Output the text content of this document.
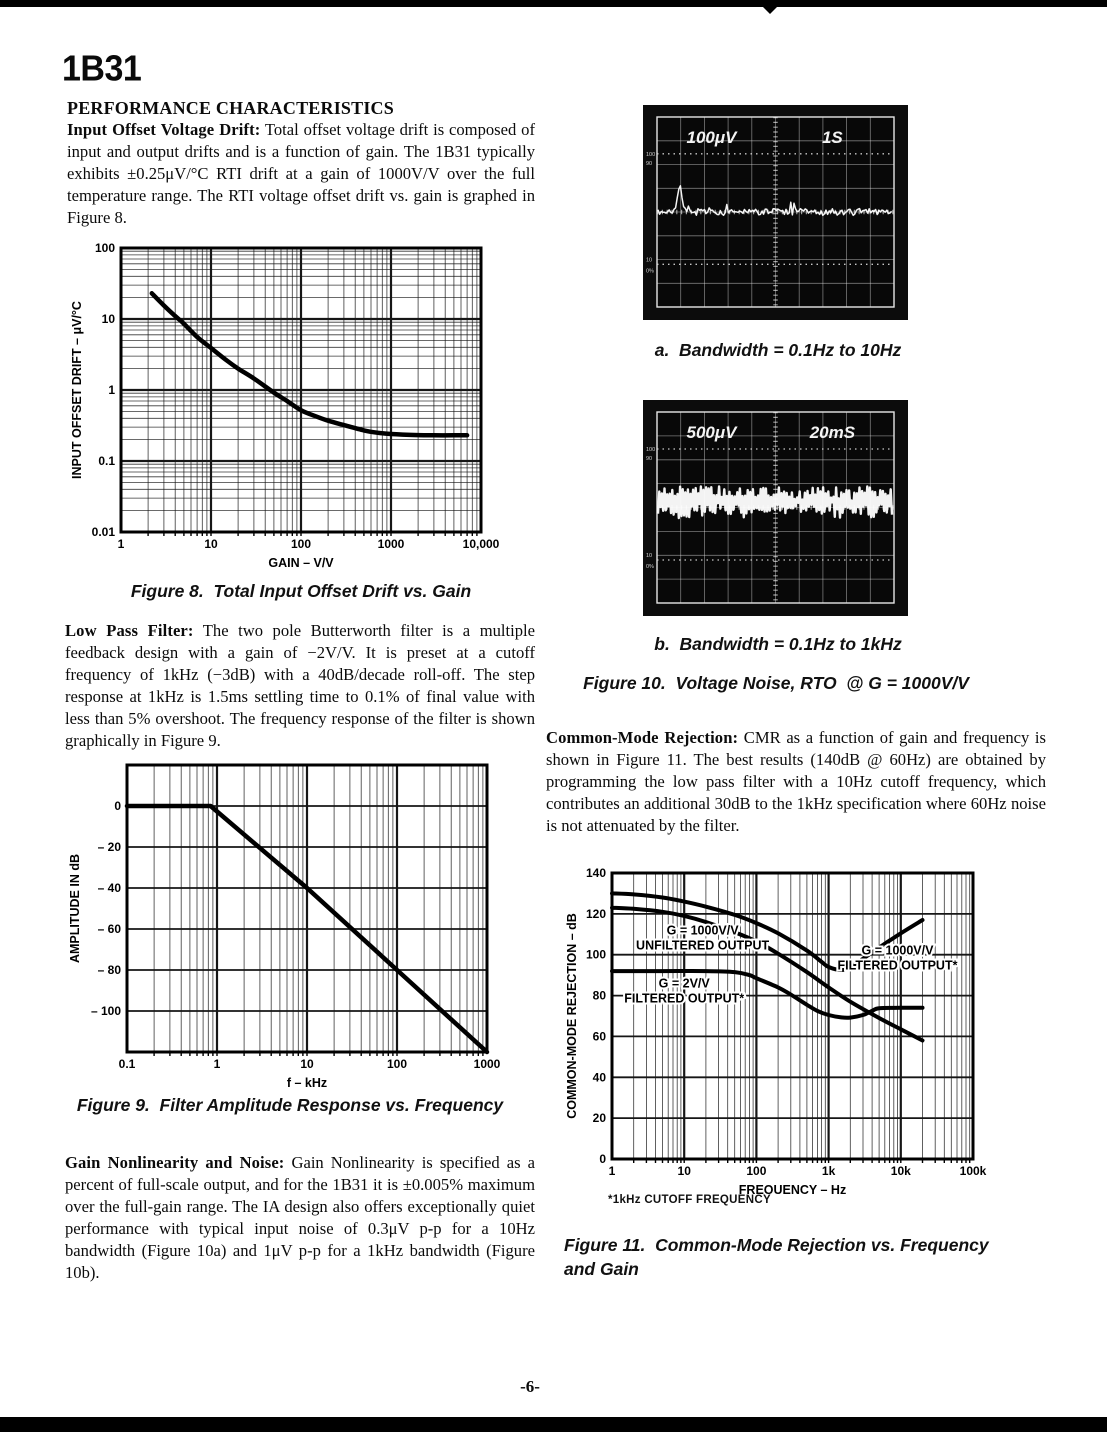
1B31
PERFORMANCE CHARACTERISTICS
Input Offset Voltage Drift: Total offset voltage drift is composed of input and output drifts and is a function of gain. The 1B31 typically exhibits ±0.25μV/°C RTI drift at a gain of 1000V/V over the full temperature range. The RTI voltage offset drift vs. gain is graphed in Figure 8.
1	10	100	1000	10,000
100
10
1
0.1
0.01
GAIN – V/V
INPUT OFFSET DRIFT – μV/°C
Figure 8.  Total Input Offset Drift vs. Gain
Low Pass Filter: The two pole Butterworth filter is a multiple feedback design with a gain of −2V/V. It is preset at a cutoff frequency of 1kHz (−3dB) with a 40dB/decade roll-off. The step response at 1kHz is 1.5ms settling time to 0.1% of final value with less than 5% overshoot. The frequency response of the filter is shown graphically in Figure 9.
0.1	1	10	100	1000
0
– 20
– 40
– 60
– 80
– 100
f – kHz
AMPLITUDE IN dB
Figure 9.  Filter Amplitude Response vs. Frequency
Gain Nonlinearity and Noise: Gain Nonlinearity is specified as a percent of full-scale output, and for the 1B31 it is ±0.005% maximum over the full-gain range. The IA design also offers exceptionally quiet performance with typical input noise of 0.3μV p-p for a 10Hz bandwidth (Figure 10a) and 1μV p-p for a 1kHz bandwidth (Figure 10b).
100
90
10
0%
100μV	1S
a.  Bandwidth = 0.1Hz to 10Hz
100
90
10
0%
500μV	20mS
b.  Bandwidth = 0.1Hz to 1kHz
Figure 10.  Voltage Noise, RTO  @ G = 1000V/V
Common-Mode Rejection: CMR as a function of gain and frequency is shown in Figure 11. The best results (140dB @ 60Hz) are obtained by programming the low pass filter with a 10Hz cutoff frequency, which contributes an additional 30dB to the 1kHz specification where 60Hz noise is not attenuated by the filter.
1	10	100	1k	10k	100k
0
20
40
60
80
100
120
140
FREQUENCY – Hz
COMMON-MODE REJECTION – dB	G = 1000V/V
FILTERED OUTPUT*
G = 1000V/V
UNFILTERED OUTPUT
G = 2V/V
FILTERED OUTPUT*
*1kHz CUTOFF FREQUENCY
Figure 11.  Common-Mode Rejection vs. Frequency and Gain
-6-
